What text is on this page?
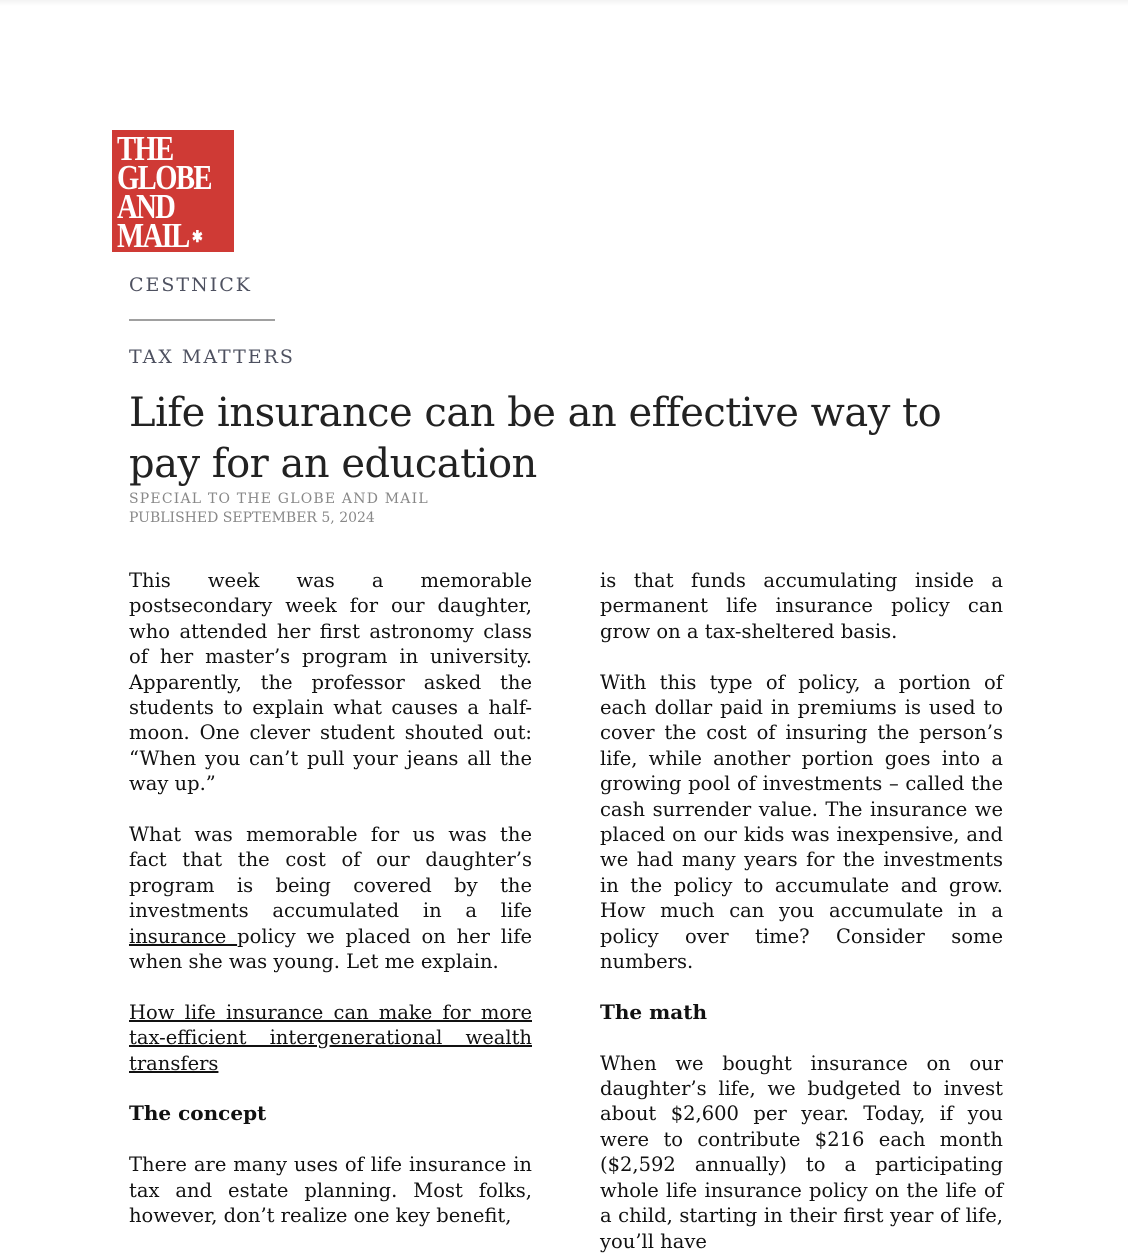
THE
GLOBE
AND
MAIL ✱
CESTNICK
TAX MATTERS
Life insurance can be an effective way to pay for an education
SPECIAL TO THE GLOBE AND MAIL
PUBLISHED SEPTEMBER 5, 2024

This week was a memorable postsecondary week for our daughter, who attended her first astronomy class of her master’s program in university. Apparently, the professor asked the students to explain what causes a half-moon. One clever student shouted out: “When you can’t pull your jeans all the way up.”

What was memorable for us was the fact that the cost of our daughter’s program is being covered by the investments accumulated in a life insurance policy we placed on her life when she was young. Let me explain.

How life insurance can make for more tax-efficient intergenerational wealth transfers

The concept

There are many uses of life insurance in tax and estate planning. Most folks, however, don’t realize one key benefit,

is that funds accumulating inside a permanent life insurance policy can grow on a tax-sheltered basis.

With this type of policy, a portion of each dollar paid in premiums is used to cover the cost of insuring the person’s life, while another portion goes into a growing pool of investments – called the cash surrender value. The insurance we placed on our kids was inexpensive, and we had many years for the investments in the policy to accumulate and grow. How much can you accumulate in a policy over time? Consider some numbers.

The math

When we bought insurance on our daughter’s life, we budgeted to invest about $2,600 per year. Today, if you were to contribute $216 each month ($2,592 annually) to a participating whole life insurance policy on the life of a child, starting in their first year of life, you’ll have
